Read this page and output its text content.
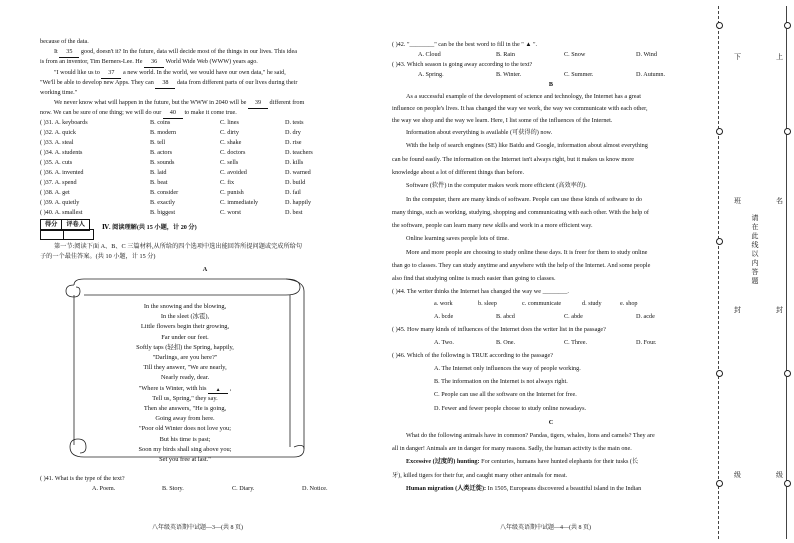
because of the data.
It 35 good, doesn't it? In the future, data will decide most of the things in our lives. This idea
is from an inventor, Tim Berners-Lee. He 36 World Wide Web (WWW) years ago.
"I would like us to 37 a new world. In the world, we would have our own data," he said,
"We'll be able to develop new Apps. They can 38 data from different parts of our lives during their
working time."
We never know what will happen in the future, but the WWW in 2040 will be 39 different from
now. We can be sure of one thing; we will do our 40 to make it come true.
( )31. A. keyboards	B. coins	C. lines	D. tests
( )32. A. quick	B. modern	C. dirty	D. dry
( )33. A. steal	B. tell	C. shake	D. rise
( )34. A. students	B. actors	C. doctors	D. teachers
( )35. A. cuts	B. sounds	C. sells	D. kills
( )36. A. invented	B. laid	C. avoided	D. warned
( )37. A. spend	B. beat	C. fix	D. build
( )38. A. get	B. consider	C. punish	D. fail
( )39. A. quietly	B. exactly	C. immediately	D. happily
( )40. A. smallest	B. biggest	C. worst	D. best
得分	评卷人	Ⅳ. 阅读理解(共 15 小题，计 20 分)
第一节:阅读下面 A、B、C 三篇材料,从所给的四个选项中选出能回答所提问题或完成所给句
子的一个最佳答案。(共 10 小题，计 15 分)
A
In the snowing and the blowing,
In the sleet (冰雹),
Little flowers begin their growing,
Far under our feet.
Softly taps (轻扣) the Spring, happily,
"Darlings, are you here?"
Till they answer, "We are nearly,
Nearly ready, dear.
"Where is Winter, with his ▲ ,
Tell us, Spring," they say.
Then she answers, "He is going,
Going away from here.
"Poor old Winter does not love you;
But his time is past;
Soon my birds shall sing above you;
Set you free at last."
( )41. What is the type of the text?
A. Poem.	B. Story.	C. Diary.	D. Notice.
八年级英语期中试题—3—(共 8 页)
( )42. "________" can be the best word to fill in the " ▲ ".
A. Cloud	B. Rain	C. Snow	D. Wind
( )43. Which season is going away according to the text?
A. Spring.	B. Winter.	C. Summer.	D. Autumn.
B
As a successful example of the development of science and technology, the Internet has a great
influence on people's lives. It has changed the way we work, the way we communicate with each other,
the way we shop and the way we learn. Here, I list some of the influences of the Internet.
Information about everything is available (可获得的) now.
With the help of search engines (SE) like Baidu and Google, information about almost everything
can be found easily. The information on the Internet isn't always right, but it makes us know more
knowledge about a lot of different things than before.
Software (软件) in the computer makes work more efficient (高效率的).
In the computer, there are many kinds of software. People can use these kinds of software to do
many things, such as working, studying, shopping and communicating with each other. With the help of
the software, people can learn many new skills and work in a more efficient way.
Online learning saves people lots of time.
More and more people are choosing to study online these days. It is freer for them to study online
than go to classes. They can study anytime and anywhere with the help of the Internet. And some people
also find that studying online is much easier than going to classes.
( )44. The writer thinks the Internet has changed the way we ________.
a. work	b. sleep	c. communicate	d. study	e. shop
A. bcde	B. abcd	C. abde	D. acde
( )45. How many kinds of influences of the Internet does the writer list in the passage?
A. Two.	B. One.	C. Three.	D. Four.
( )46. Which of the following is TRUE according to the passage?
A. The Internet only influences the way of people working.
B. The information on the Internet is not always right.
C. People can use all the software on the Internet for free.
D. Fewer and fewer people choose to study online nowadays.
C
What do the following animals have in common? Pandas, tigers, whales, lions and camels? They are
all in danger! Animals are in danger for many reasons. Sadly, the human activity is the main one.
Excessive (过度的) hunting: For centuries, humans have hunted elephants for their tusks (长
牙), killed tigers for their fur, and caught many other animals for meat.
Human migration (人类迁徙): In 1505, Europeans discovered a beautiful island in the Indian
八年级英语期中试题—4—(共 8 页)
下	上
请在此线以内答题
班	名
封	封
级	级
